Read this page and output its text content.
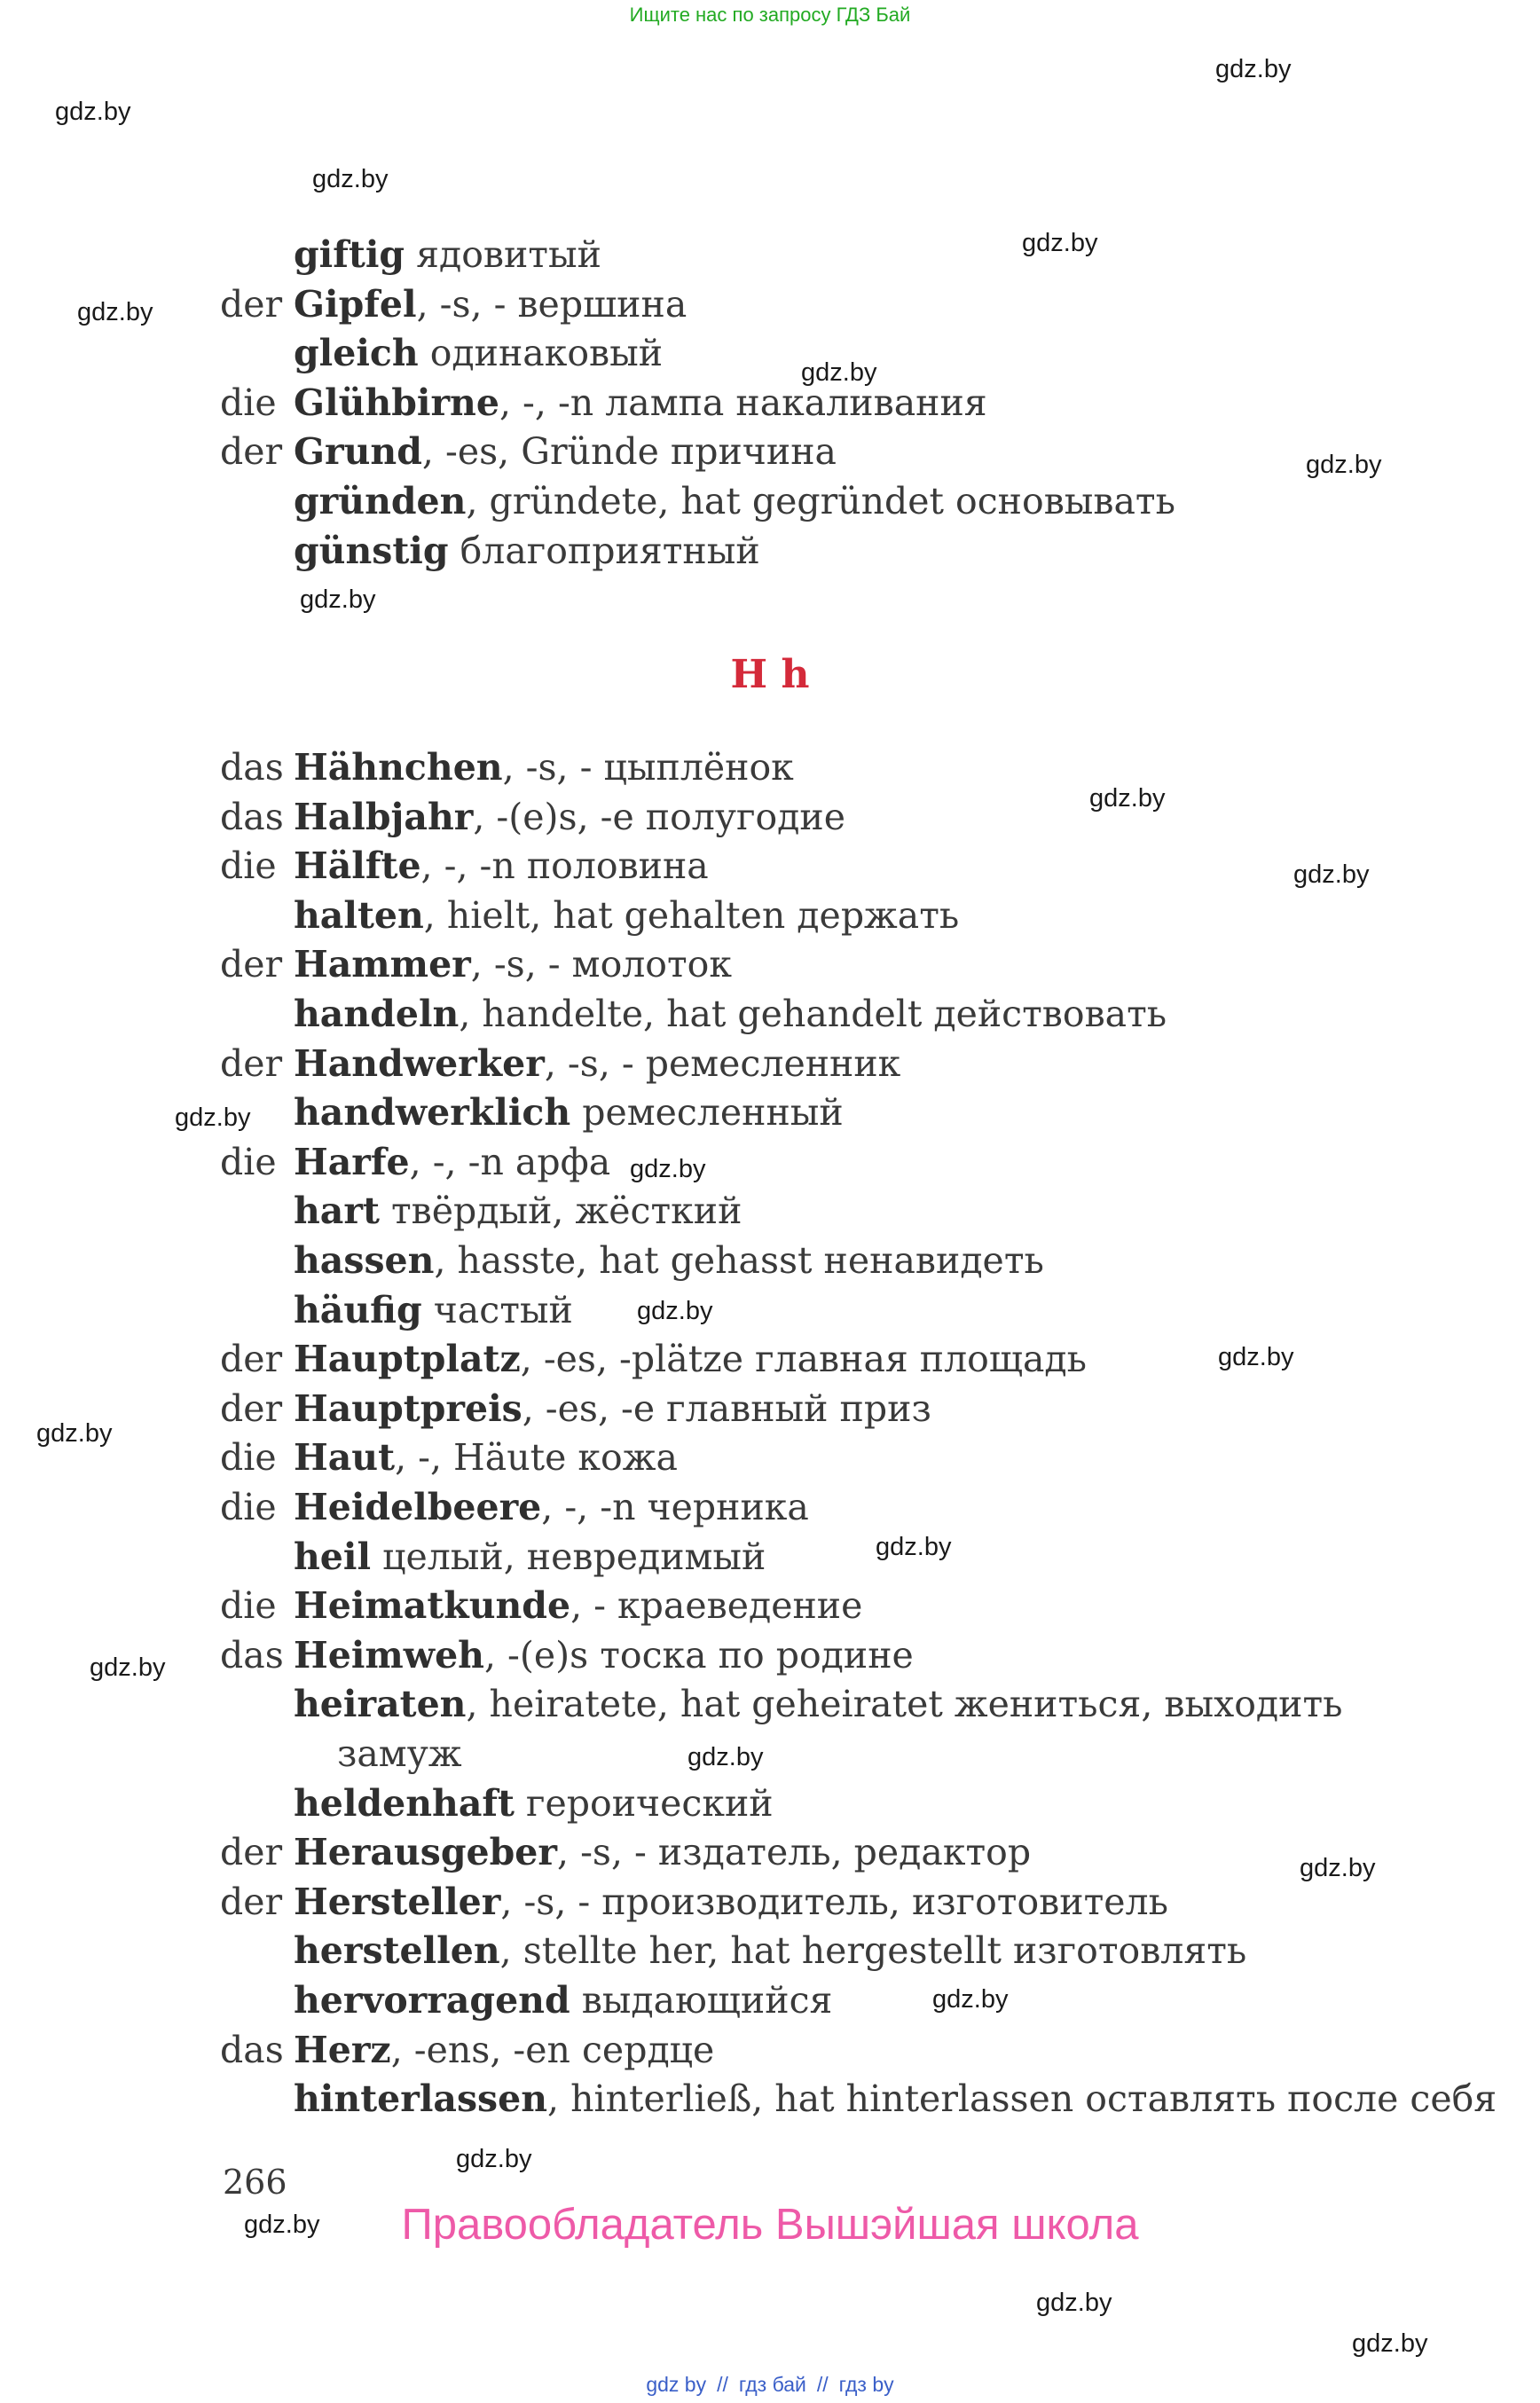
Ищите нас по запросу ГДЗ Бай
gdz.by
gdz.by
gdz.by
gdz.by
gdz.by
gdz.by
gdz.by
gdz.by
gdz.by
gdz.by
gdz.by
gdz.by
gdz.by
gdz.by
gdz.by
gdz.by
gdz.by
gdz.by
gdz.by
gdz.by
gdz.by
gdz.by
gdz.by
gdz.by
giftig ядовитый
der Gipfel, -s, - вершина
gleich одинаковый
die Glühbirne, -, -n лампа накаливания
der Grund, -es, Gründe причина
gründen, gründete, hat gegründet основывать
günstig благоприятный
H h
das Hähnchen, -s, - цыплёнок
das Halbjahr, -(e)s, -e полугодие
die Hälfte, -, -n половина
halten, hielt, hat gehalten держать
der Hammer, -s, - молоток
handeln, handelte, hat gehandelt действовать
der Handwerker, -s, - ремесленник
handwerklich ремесленный
die Harfe, -, -n арфа
hart твёрдый, жёсткий
hassen, hasste, hat gehasst ненавидеть
häufig частый
der Hauptplatz, -es, -plätze главная площадь
der Hauptpreis, -es, -e главный приз
die Haut, -, Häute кожа
die Heidelbeere, -, -n черника
heil целый, невредимый
die Heimatkunde, - краеведение
das Heimweh, -(e)s тоска по родине
heiraten, heiratete, hat geheiratet жениться, выходить
замуж
heldenhaft героический
der Herausgeber, -s, - издатель, редактор
der Hersteller, -s, - производитель, изготовитель
herstellen, stellte her, hat hergestellt изготовлять
hervorragend выдающийся
das Herz, -ens, -en сердце
hinterlassen, hinterließ, hat hinterlassen оставлять после себя
266
Правообладатель Вышэйшая школа
gdz by // гдз бай // гдз by
